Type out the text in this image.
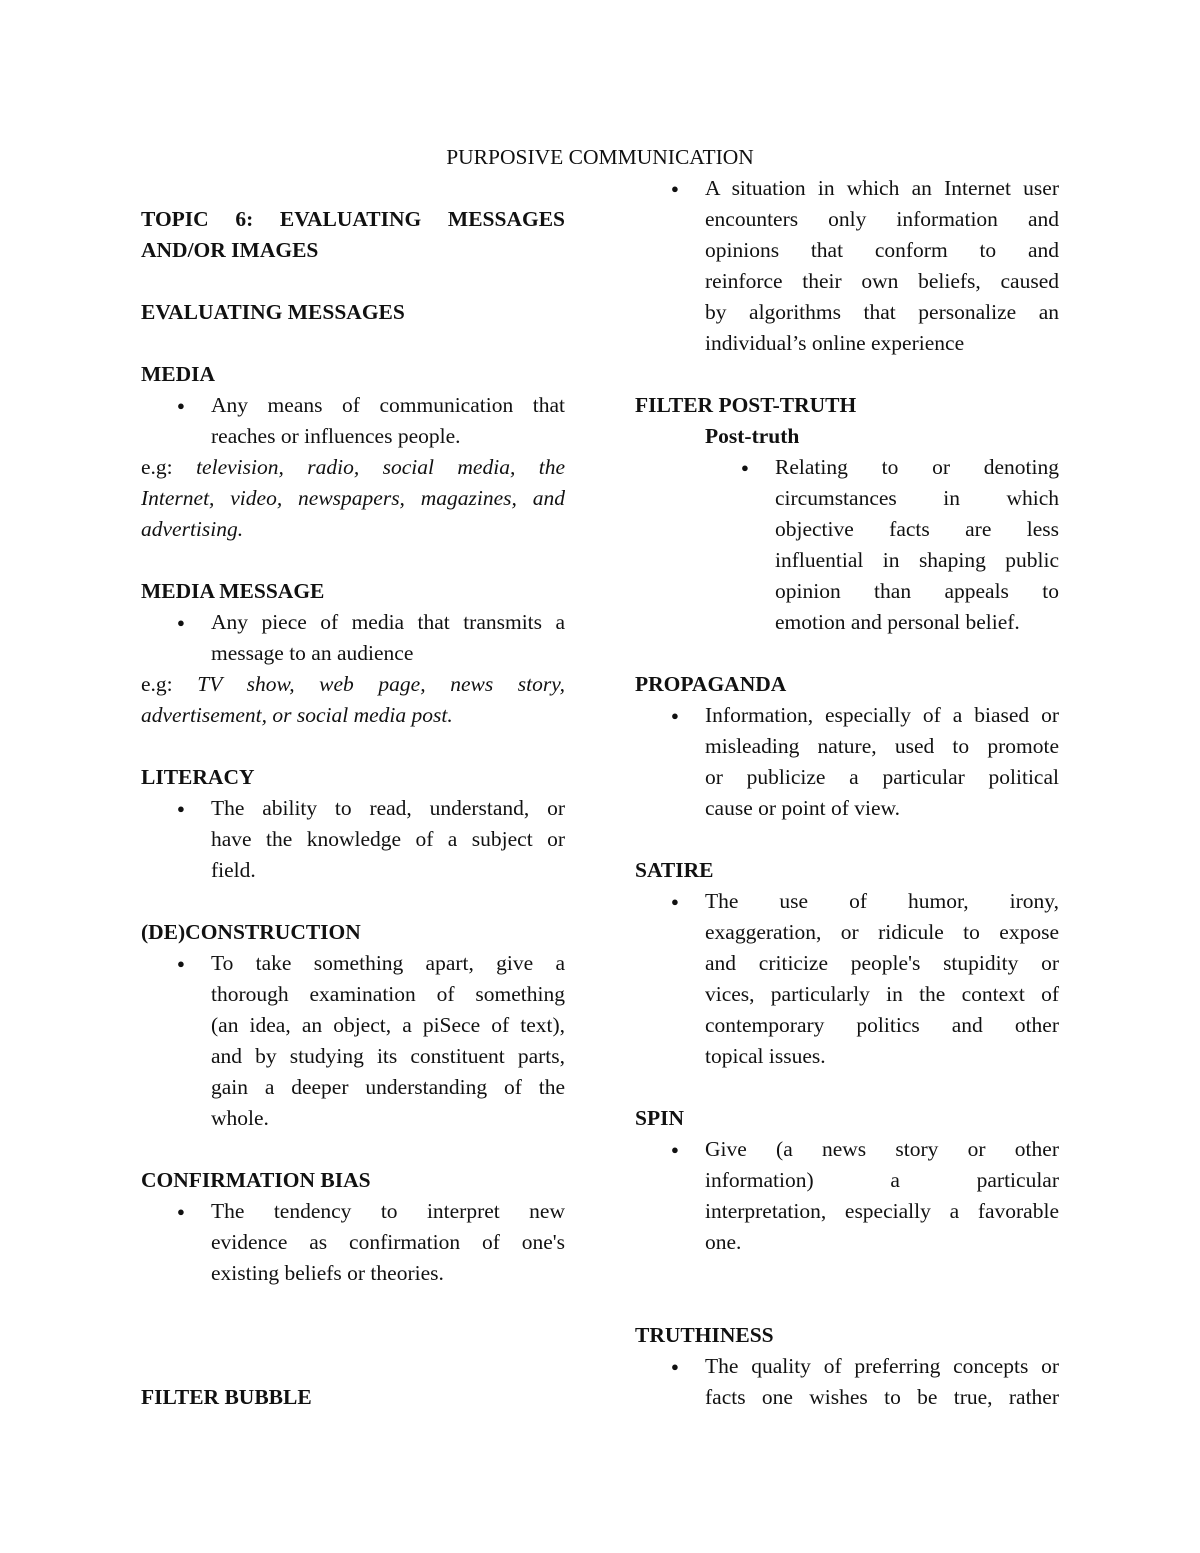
PURPOSIVE COMMUNICATION
TOPIC 6: EVALUATING MESSAGES
AND/OR IMAGES
EVALUATING MESSAGES
MEDIA
● Any means of communication that
reaches or influences people.
e.g: television, radio, social media, the
Internet, video, newspapers, magazines, and
advertising.
MEDIA MESSAGE
● Any piece of media that transmits a
message to an audience
e.g: TV show, web page, news story,
advertisement, or social media post.
LITERACY
● The ability to read, understand, or
have the knowledge of a subject or
field.
(DE)CONSTRUCTION
● To take something apart, give a
thorough examination of something
(an idea, an object, a piSece of text),
and by studying its constituent parts,
gain a deeper understanding of the
whole.
CONFIRMATION BIAS
● The tendency to interpret new
evidence as confirmation of one's
existing beliefs or theories.
FILTER BUBBLE
● A situation in which an Internet user
encounters only information and
opinions that conform to and
reinforce their own beliefs, caused
by algorithms that personalize an
individual’s online experience
FILTER POST-TRUTH
Post-truth
● Relating to or denoting
circumstances in which
objective facts are less
influential in shaping public
opinion than appeals to
emotion and personal belief.
PROPAGANDA
● Information, especially of a biased or
misleading nature, used to promote
or publicize a particular political
cause or point of view.
SATIRE
● The use of humor, irony,
exaggeration, or ridicule to expose
and criticize people's stupidity or
vices, particularly in the context of
contemporary politics and other
topical issues.
SPIN
● Give (a news story or other
information) a particular
interpretation, especially a favorable
one.
TRUTHINESS
● The quality of preferring concepts or
facts one wishes to be true, rather
